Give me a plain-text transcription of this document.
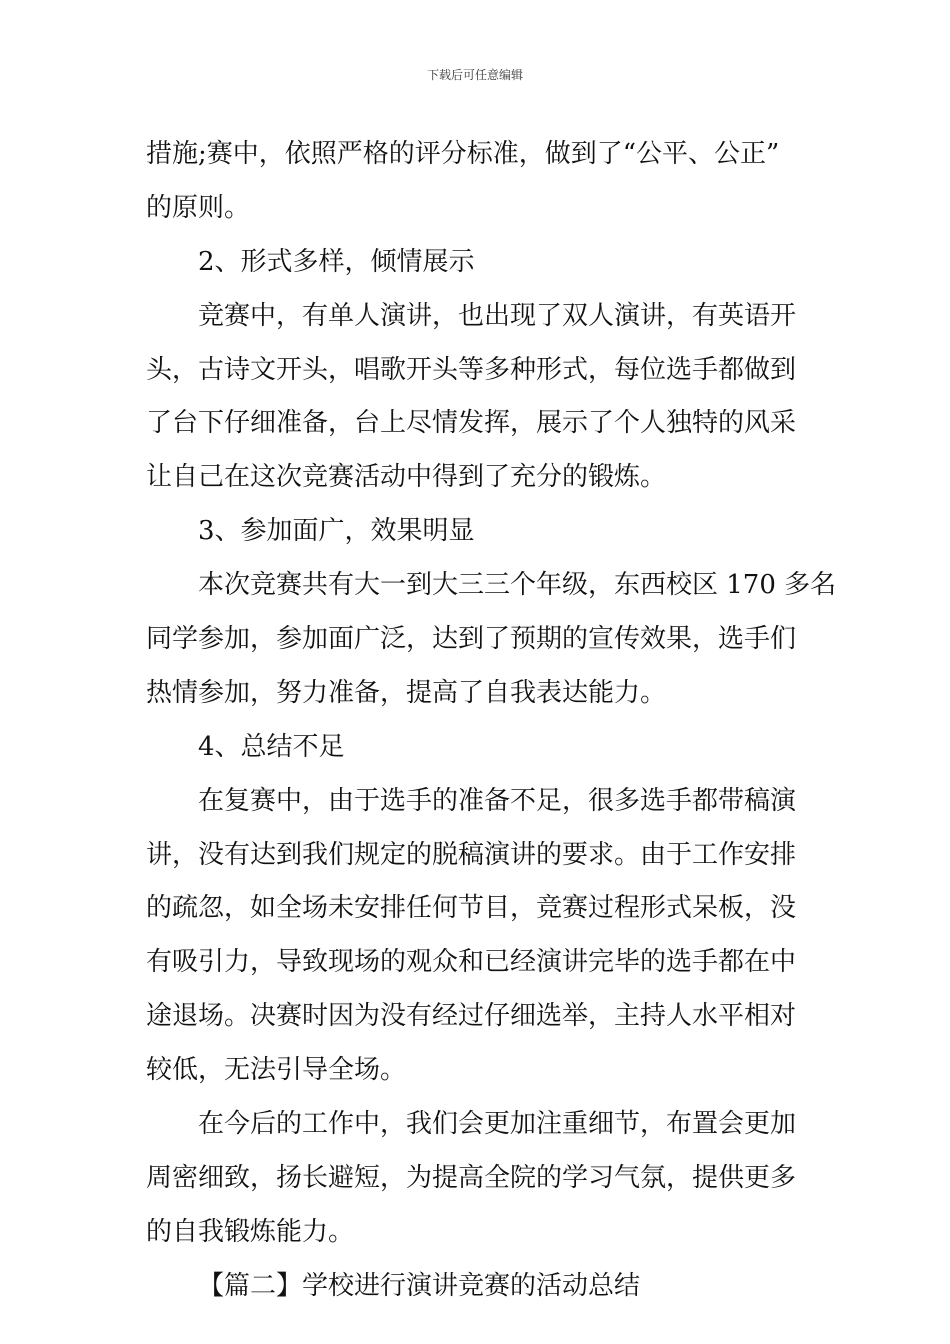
下载后可任意编辑
措施;赛中，依照严格的评分标准，做到了“公平、公正”
的原则。
2、形式多样，倾情展示
竞赛中，有单人演讲，也出现了双人演讲，有英语开
头，古诗文开头，唱歌开头等多种形式，每位选手都做到
了台下仔细准备，台上尽情发挥，展示了个人独特的风采
让自己在这次竞赛活动中得到了充分的锻炼。
3、参加面广，效果明显
本次竞赛共有大一到大三三个年级，东西校区 170 多名
同学参加，参加面广泛，达到了预期的宣传效果，选手们
热情参加，努力准备，提高了自我表达能力。
4、总结不足
在复赛中，由于选手的准备不足，很多选手都带稿演
讲，没有达到我们规定的脱稿演讲的要求。由于工作安排
的疏忽，如全场未安排任何节目，竞赛过程形式呆板，没
有吸引力，导致现场的观众和已经演讲完毕的选手都在中
途退场。决赛时因为没有经过仔细选举，主持人水平相对
较低，无法引导全场。
在今后的工作中，我们会更加注重细节，布置会更加
周密细致，扬长避短，为提高全院的学习气氛，提供更多
的自我锻炼能力。
【篇二】学校进行演讲竞赛的活动总结
